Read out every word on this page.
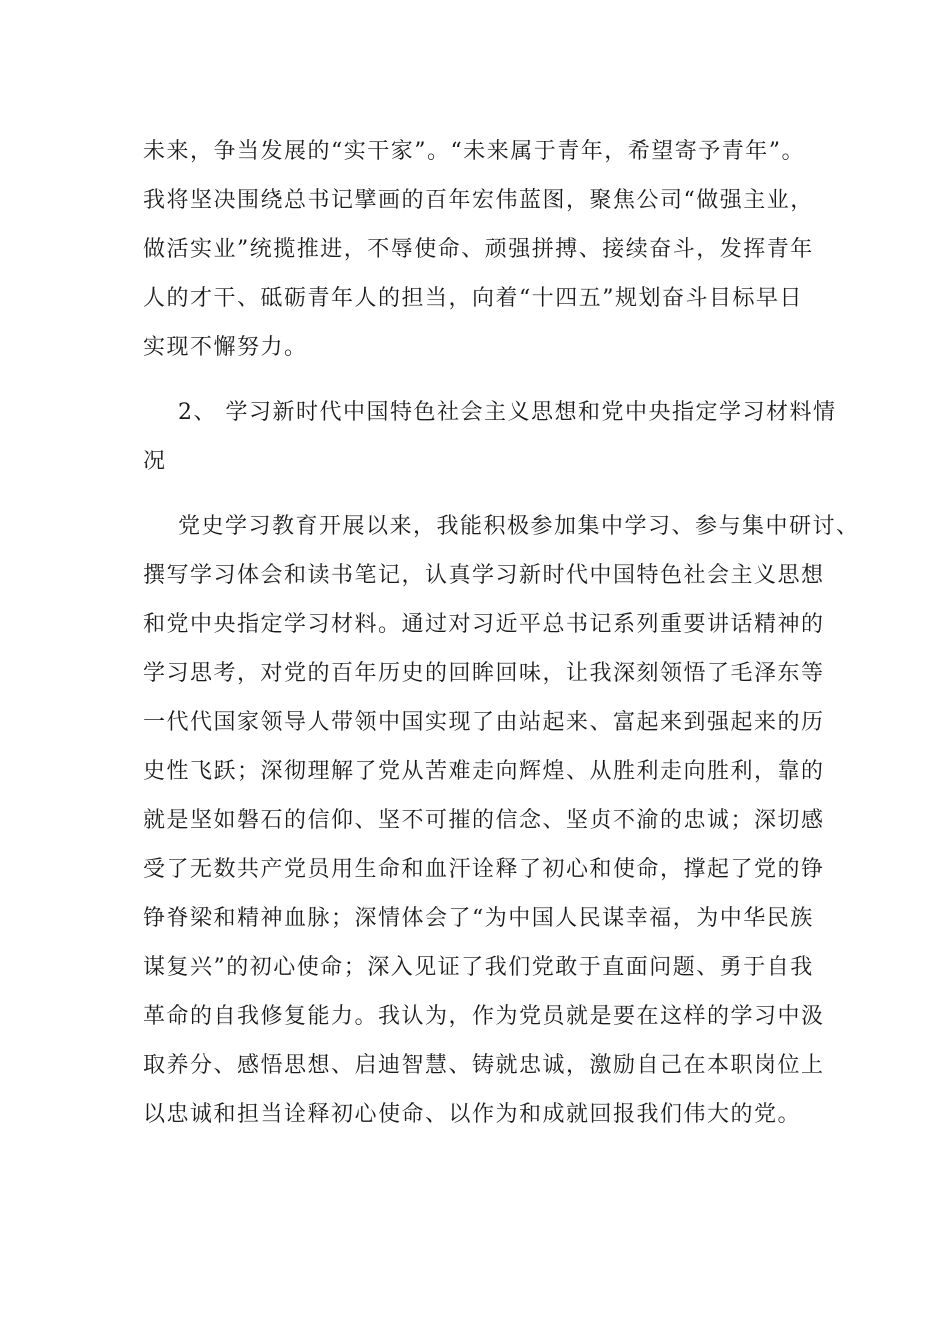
未来，争当发展的“实干家”。“未来属于青年，希望寄予青年”。
我将坚决围绕总书记擘画的百年宏伟蓝图，聚焦公司“做强主业，
做活实业”统揽推进，不辱使命、顽强拼搏、接续奋斗，发挥青年
人的才干、砥砺青年人的担当，向着“十四五”规划奋斗目标早日
实现不懈努力。
2、 学习新时代中国特色社会主义思想和党中央指定学习材料情
况
党史学习教育开展以来，我能积极参加集中学习、参与集中研讨、
撰写学习体会和读书笔记，认真学习新时代中国特色社会主义思想
和党中央指定学习材料。通过对习近平总书记系列重要讲话精神的
学习思考，对党的百年历史的回眸回味，让我深刻领悟了毛泽东等
一代代国家领导人带领中国实现了由站起来、富起来到强起来的历
史性飞跃；深彻理解了党从苦难走向辉煌、从胜利走向胜利，靠的
就是坚如磐石的信仰、坚不可摧的信念、坚贞不渝的忠诚；深切感
受了无数共产党员用生命和血汗诠释了初心和使命，撑起了党的铮
铮脊梁和精神血脉；深情体会了“为中国人民谋幸福，为中华民族
谋复兴”的初心使命；深入见证了我们党敢于直面问题、勇于自我
革命的自我修复能力。我认为，作为党员就是要在这样的学习中汲
取养分、感悟思想、启迪智慧、铸就忠诚，激励自己在本职岗位上
以忠诚和担当诠释初心使命、以作为和成就回报我们伟大的党。
